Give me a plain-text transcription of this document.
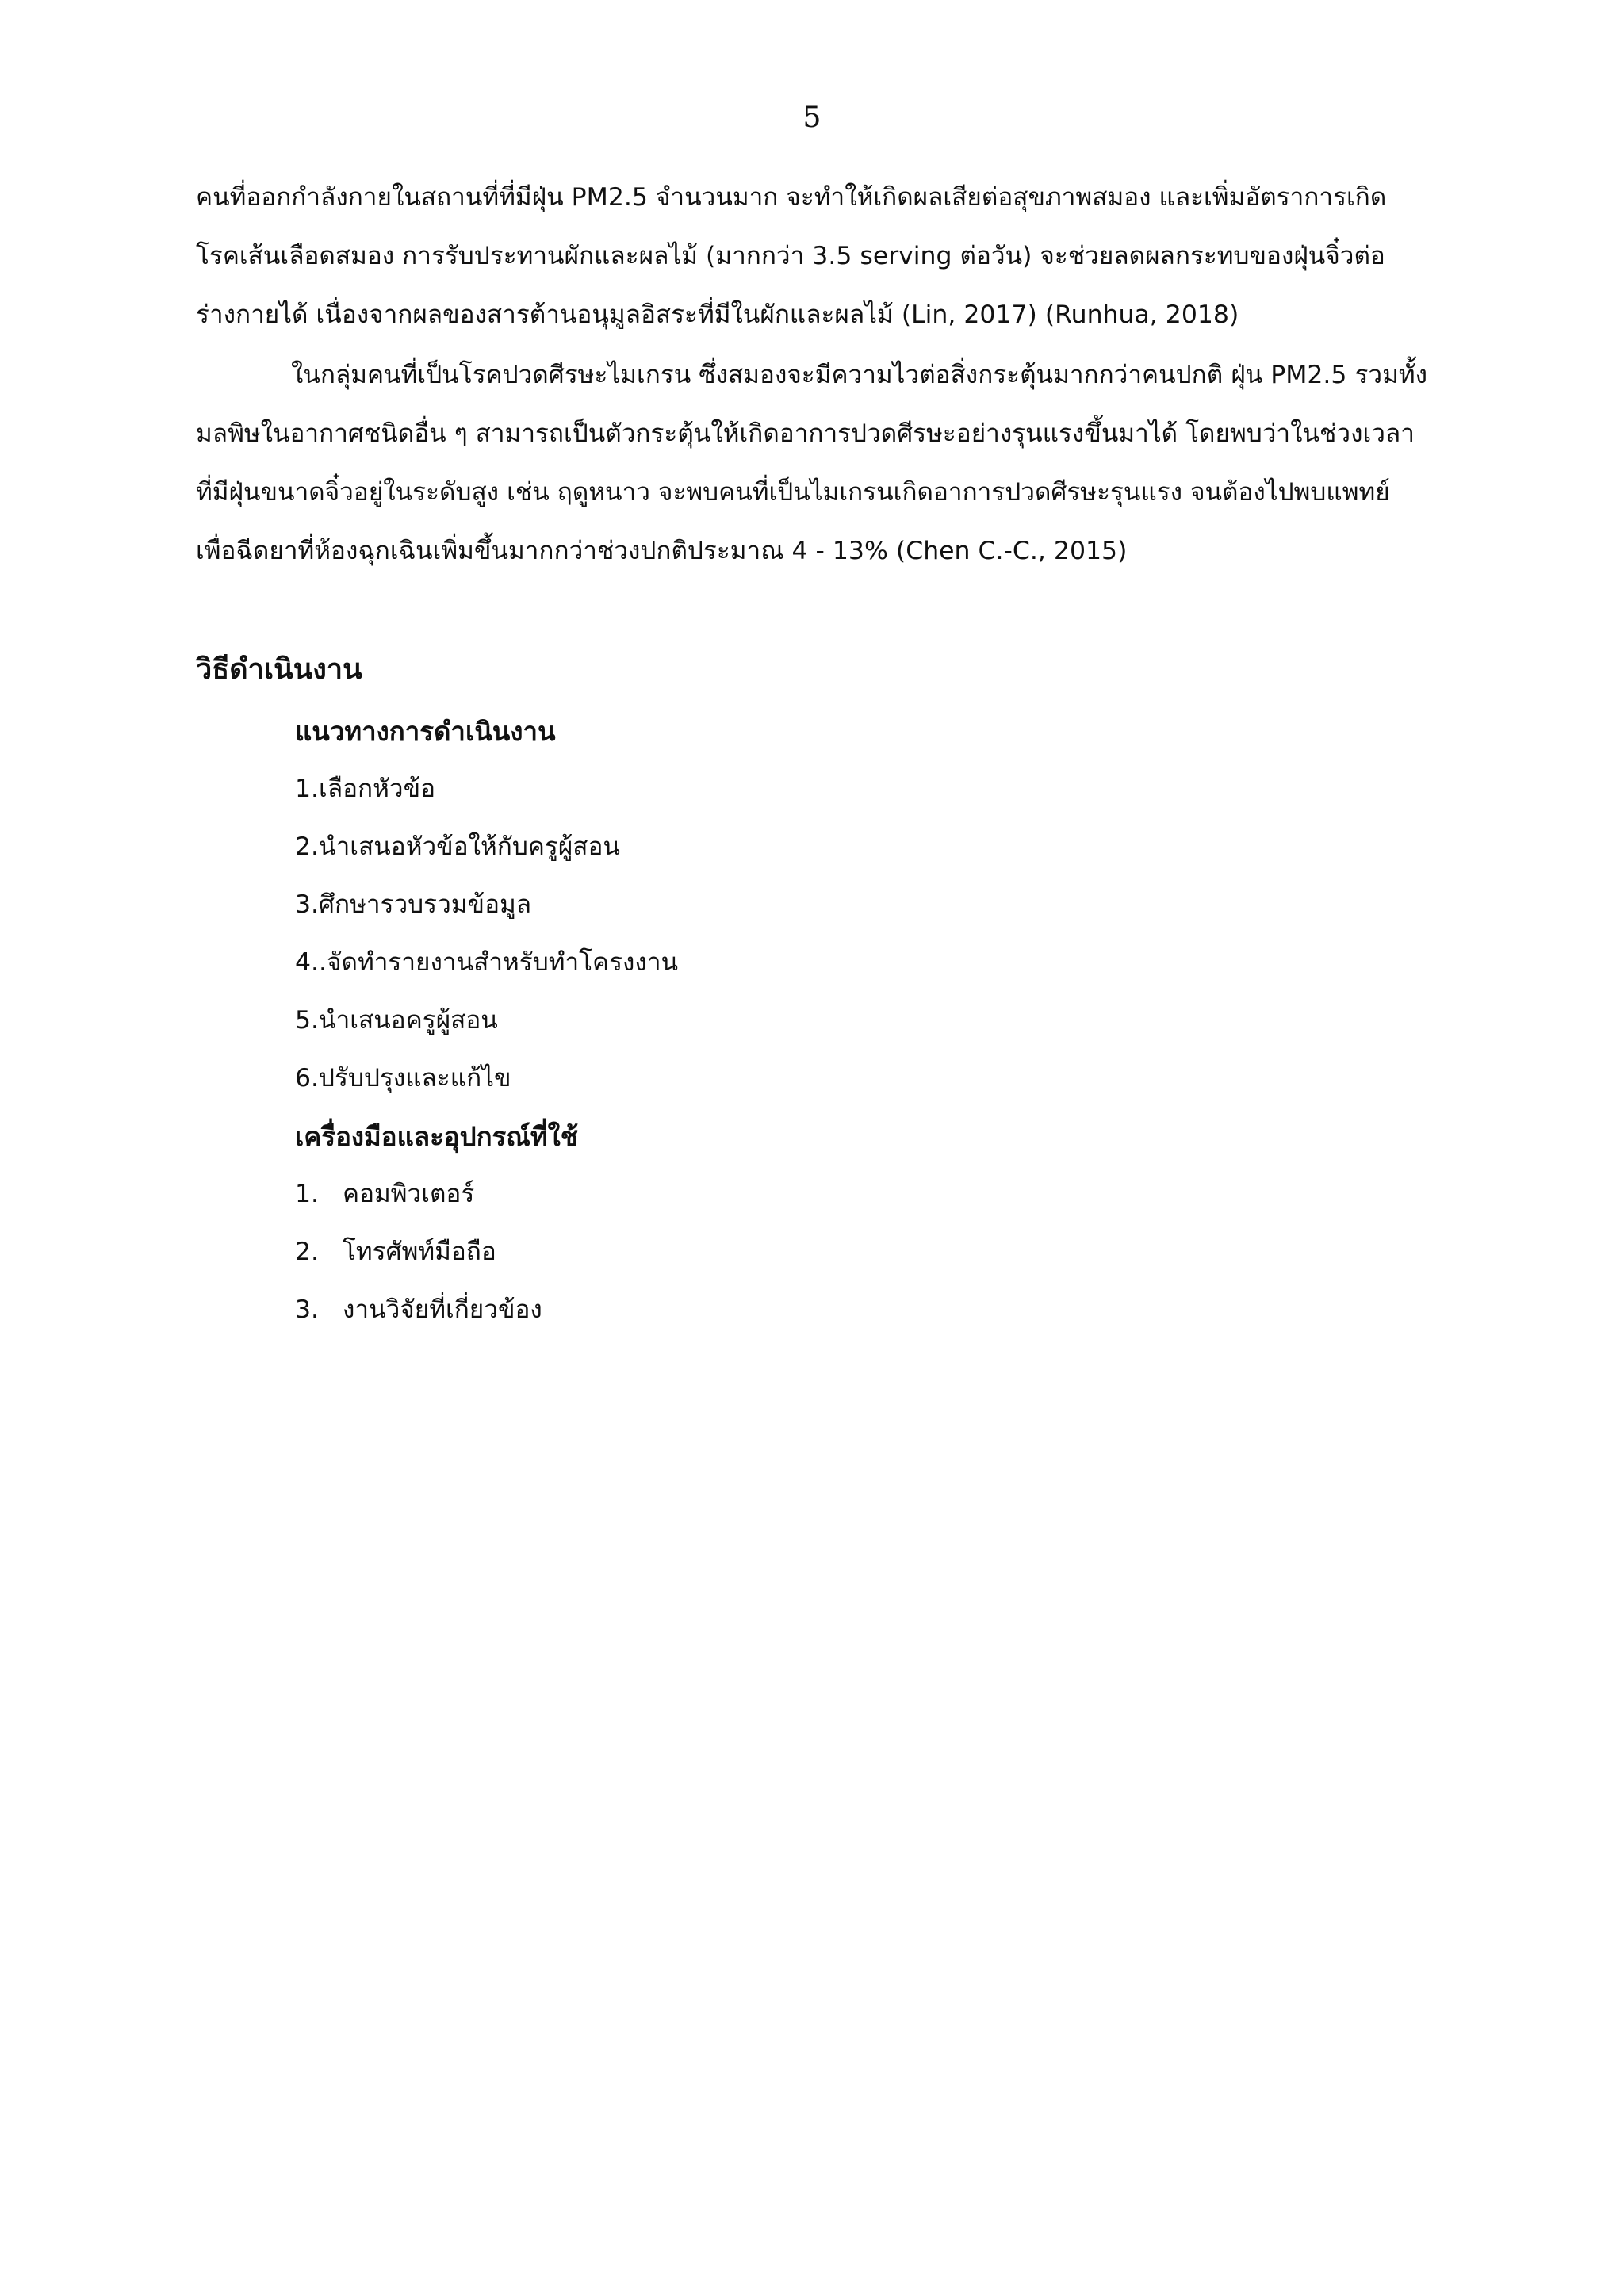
5
คนที่ออกกำลังกายในสถานที่ที่มีฝุ่น PM2.5 จำนวนมาก จะทำให้เกิดผลเสียต่อสุขภาพสมอง และเพิ่มอัตราการเกิด
โรคเส้นเลือดสมอง การรับประทานผักและผลไม้ (มากกว่า 3.5 serving ต่อวัน) จะช่วยลดผลกระทบของฝุ่นจิ๋วต่อ
ร่างกายได้ เนื่องจากผลของสารต้านอนุมูลอิสระที่มีในผักและผลไม้ (Lin, 2017) (Runhua, 2018)
ในกลุ่มคนที่เป็นโรคปวดศีรษะไมเกรน ซึ่งสมองจะมีความไวต่อสิ่งกระตุ้นมากกว่าคนปกติ ฝุ่น PM2.5 รวมทั้ง
มลพิษในอากาศชนิดอื่น ๆ สามารถเป็นตัวกระตุ้นให้เกิดอาการปวดศีรษะอย่างรุนแรงขึ้นมาได้ โดยพบว่าในช่วงเวลา
ที่มีฝุ่นขนาดจิ๋วอยู่ในระดับสูง เช่น ฤดูหนาว จะพบคนที่เป็นไมเกรนเกิดอาการปวดศีรษะรุนแรง จนต้องไปพบแพทย์
เพื่อฉีดยาที่ห้องฉุกเฉินเพิ่มขึ้นมากกว่าช่วงปกติประมาณ 4 - 13% (Chen C.-C., 2015)
วิธีดำเนินงาน
แนวทางการดำเนินงาน
1.เลือกหัวข้อ
2.นำเสนอหัวข้อให้กับครูผู้สอน
3.ศึกษารวบรวมข้อมูล
4..จัดทำรายงานสำหรับทำโครงงาน
5.นำเสนอครูผู้สอน
6.ปรับปรุงและแก้ไข
เครื่องมือและอุปกรณ์ที่ใช้
1. คอมพิวเตอร์
2. โทรศัพท์มือถือ
3. งานวิจัยที่เกี่ยวข้อง
